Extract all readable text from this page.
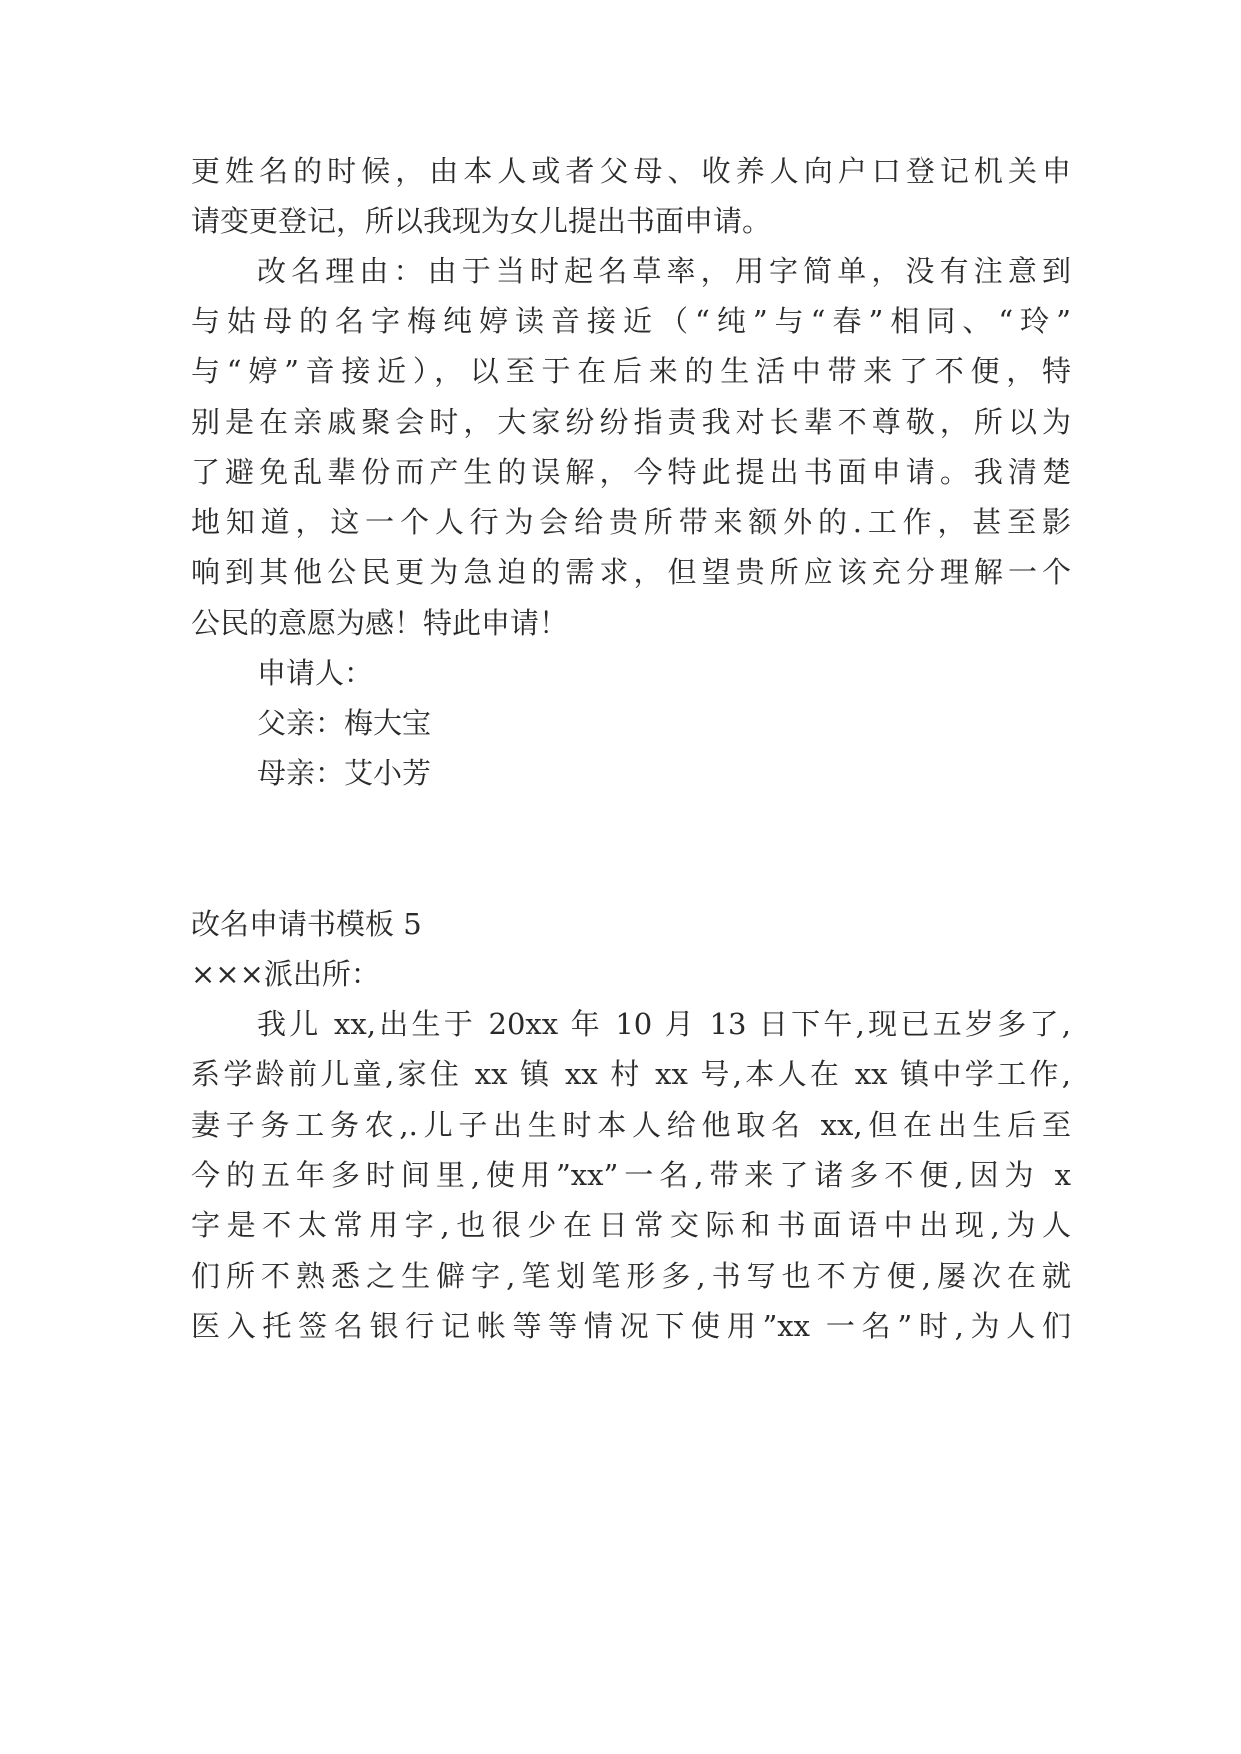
更姓名的时候，由本人或者父母、收养人向户口登记机关申
请变更登记，所以我现为女儿提出书面申请。
改名理由：由于当时起名草率，用字简单，没有注意到
与姑母的名字梅纯婷读音接近（“纯”与“春”相同、“玲”
与“婷”音接近），以至于在后来的生活中带来了不便，特
别是在亲戚聚会时，大家纷纷指责我对长辈不尊敬，所以为
了避免乱辈份而产生的误解，今特此提出书面申请。我清楚
地知道，这一个人行为会给贵所带来额外的.工作，甚至影
响到其他公民更为急迫的需求，但望贵所应该充分理解一个
公民的意愿为感！特此申请！
申请人：
父亲：梅大宝
母亲：艾小芳
改名申请书模板 5
×××派出所：
我儿 xx,出生于 20xx 年 10 月 13 日下午,现已五岁多了,
系学龄前儿童,家住 xx 镇 xx 村 xx 号,本人在 xx 镇中学工作,
妻子务工务农,.儿子出生时本人给他取名 xx,但在出生后至
今的五年多时间里,使用”xx”一名,带来了诸多不便,因为 x
字是不太常用字,也很少在日常交际和书面语中出现,为人
们所不熟悉之生僻字,笔划笔形多,书写也不方便,屡次在就
医入托签名银行记帐等等情况下使用”xx 一名”时,为人们
